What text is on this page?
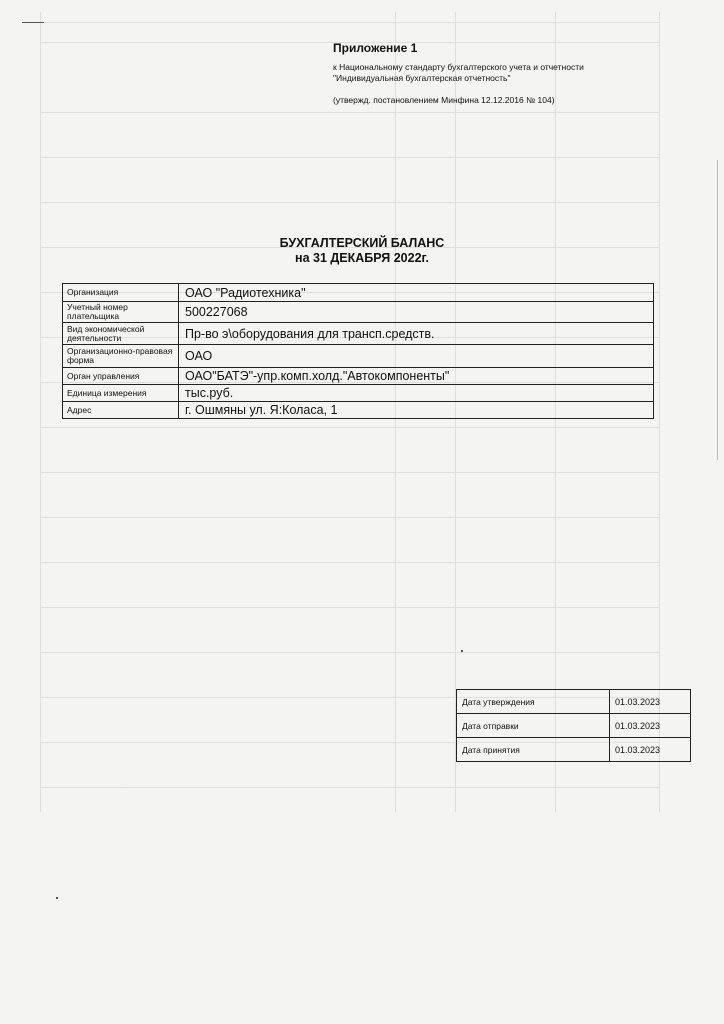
Приложение 1
к Национальному стандарту бухгалтерского учета и отчетности
"Индивидуальная бухгалтерская отчетность"
(утвержд. постановлением Минфина 12.12.2016 № 104)
БУХГАЛТЕРСКИЙ БАЛАНС
на 31 ДЕКАБРЯ 2022г.
Организация	ОАО "Радиотехника"
Учетный номер плательщика	500227068
Вид экономической деятельности	Пр-во э\оборудования для трансп.средств.
Организационно-правовая форма	ОАО
Орган управления	ОАО"БАТЭ"-упр.комп.холд."Автокомпоненты"
Единица измерения	тыс.руб.
Адрес	г. Ошмяны ул. Я:Коласа, 1
Дата утверждения	01.03.2023
Дата отправки	01.03.2023
Дата принятия	01.03.2023
